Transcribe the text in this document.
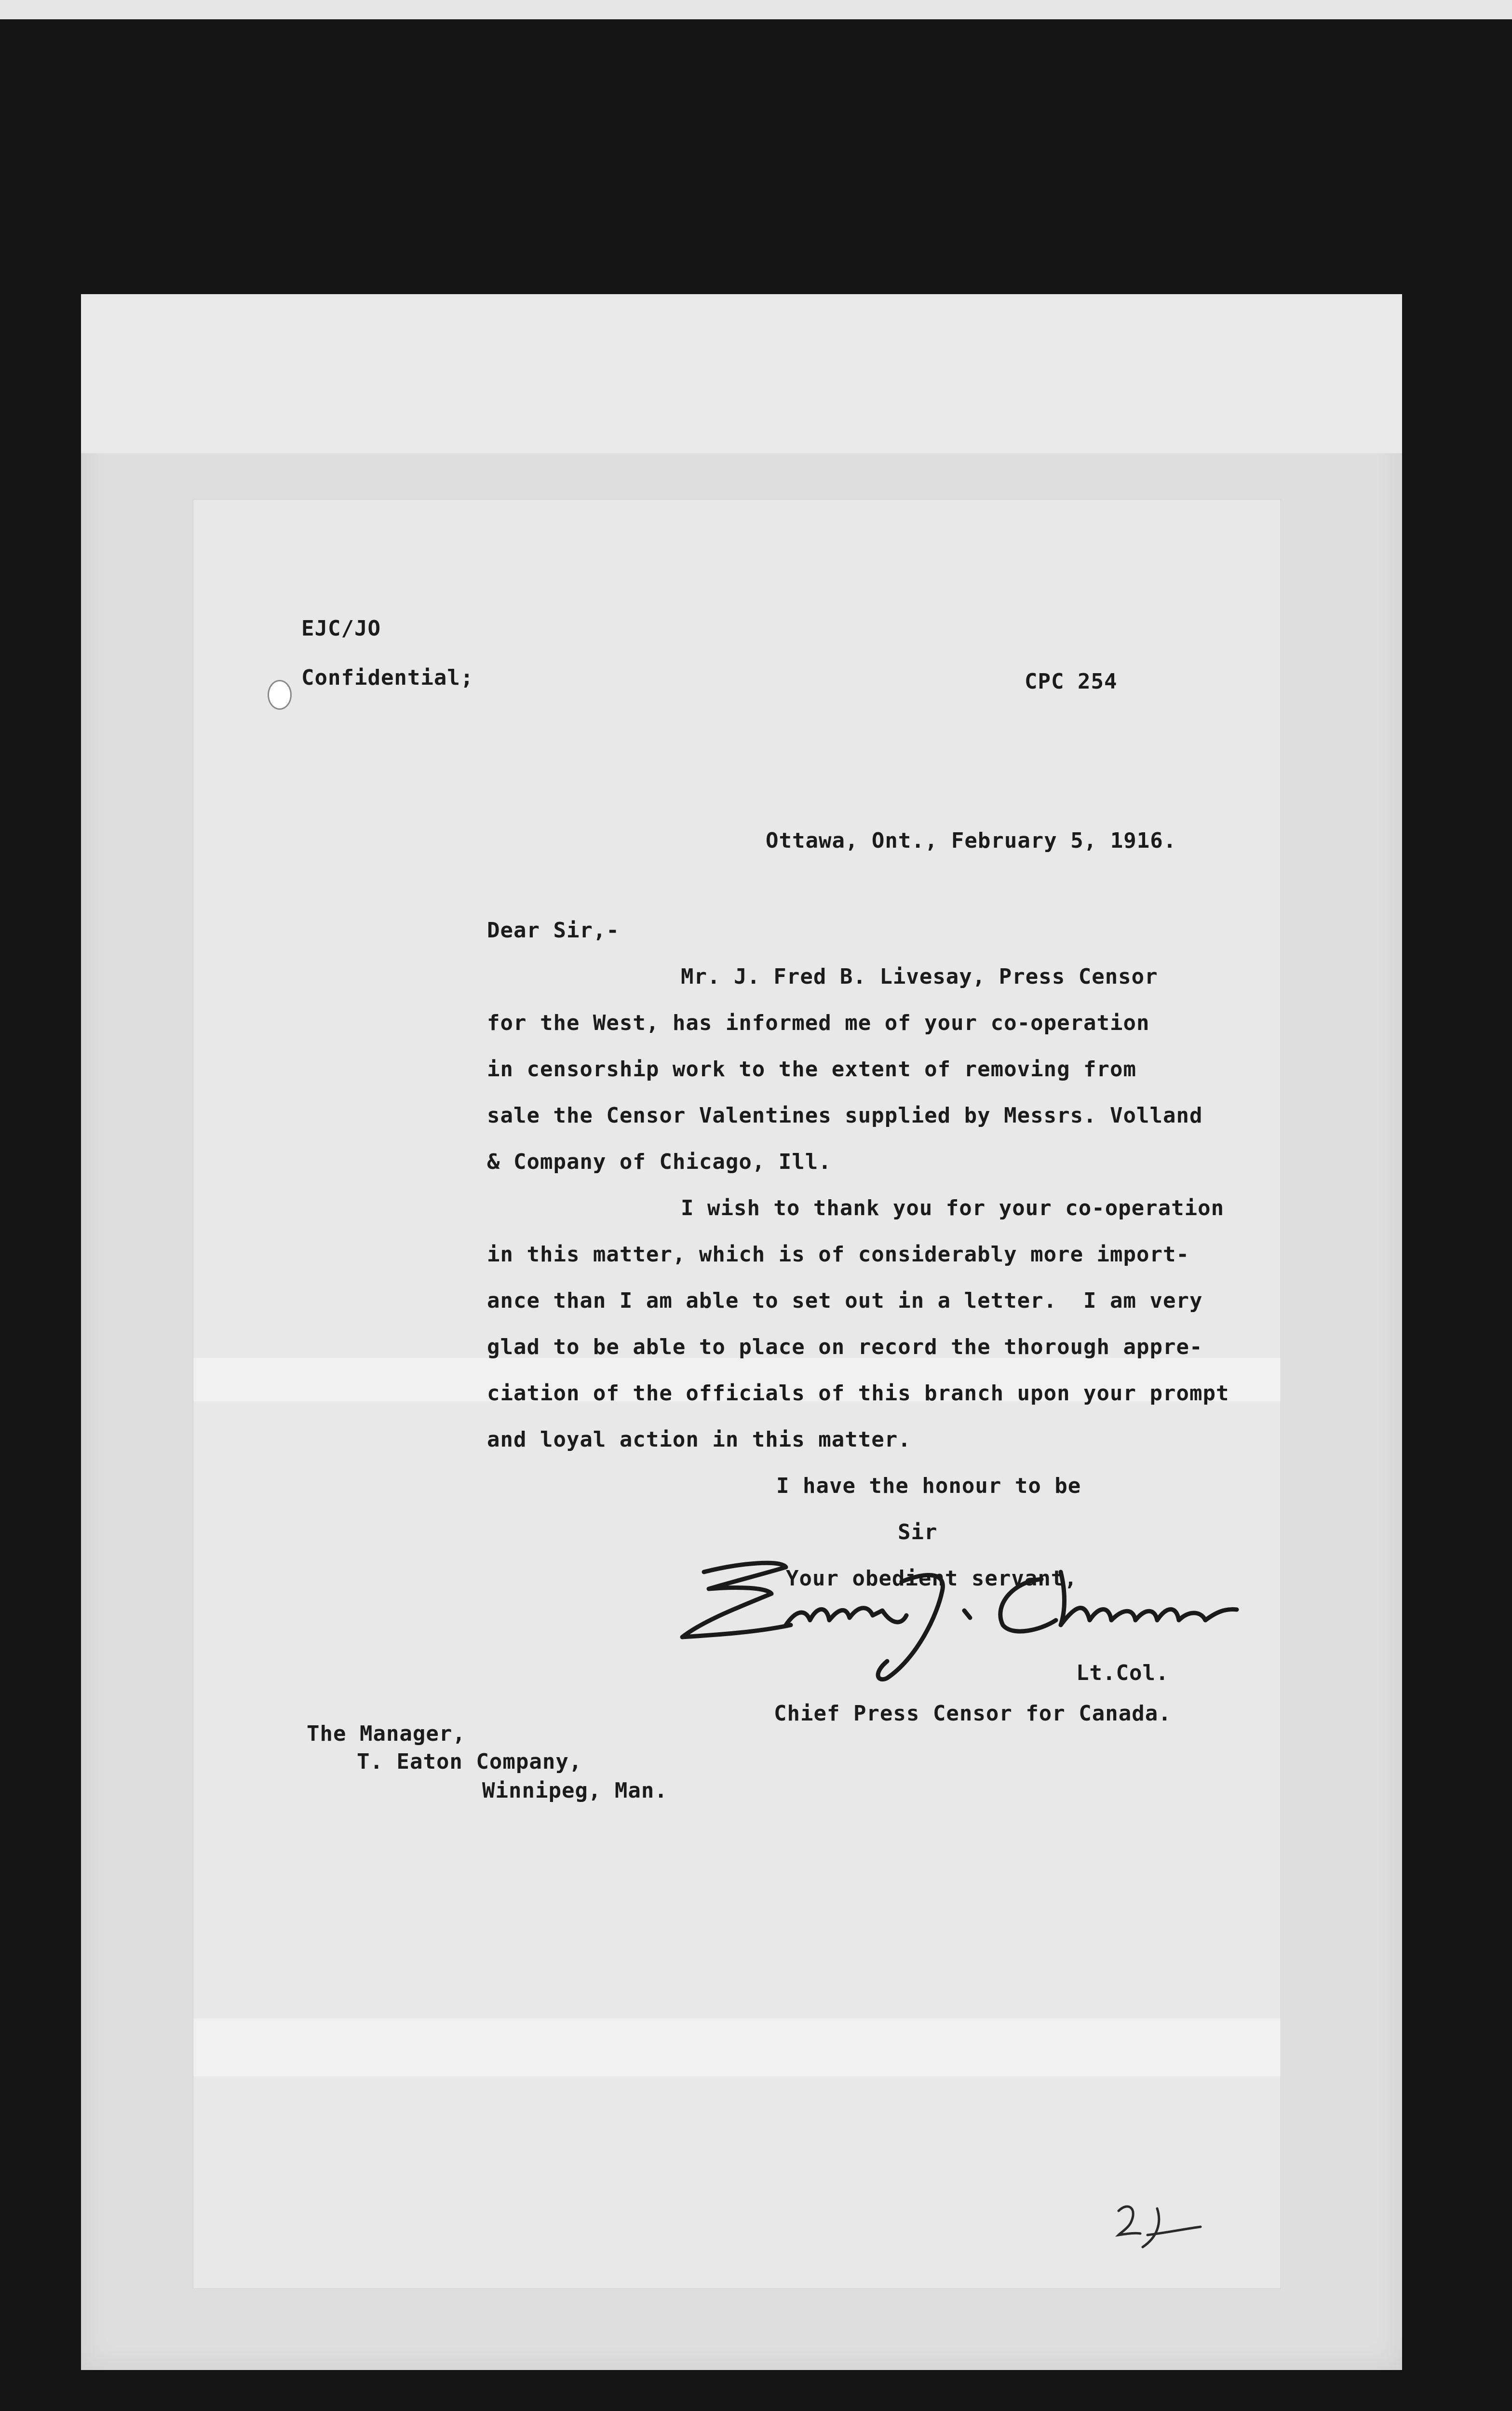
EJC/JO
Confidential;	CPC 254
Ottawa, Ont., February 5, 1916.
Dear Sir,-
Mr. J. Fred B. Livesay, Press Censor
for the West, has informed me of your co-operation
in censorship work to the extent of removing from
sale the Censor Valentines supplied by Messrs. Volland
& Company of Chicago, Ill.
I wish to thank you for your co-operation
in this matter, which is of considerably more import-
ance than I am able to set out in a letter.  I am very
glad to be able to place on record the thorough appre-
ciation of the officials of this branch upon your prompt
and loyal action in this matter.
I have the honour to be
Sir
Your obedient servant,
Lt.Col.
Chief Press Censor for Canada.
The Manager,
T. Eaton Company,
Winnipeg, Man.
